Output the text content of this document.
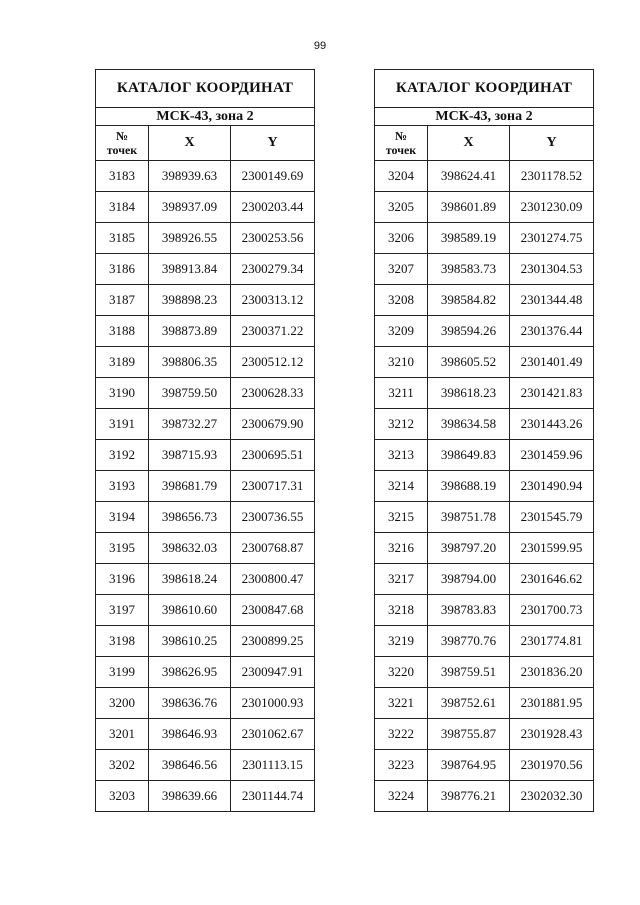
99
КАТАЛОГ КООРДИНАТ		
МСК-43, зона 2		

№
точек	X	Y
3183	398939.63	2300149.69
3184	398937.09	2300203.44
3185	398926.55	2300253.56
3186	398913.84	2300279.34
3187	398898.23	2300313.12
3188	398873.89	2300371.22
3189	398806.35	2300512.12
3190	398759.50	2300628.33
3191	398732.27	2300679.90
3192	398715.93	2300695.51
3193	398681.79	2300717.31
3194	398656.73	2300736.55
3195	398632.03	2300768.87
3196	398618.24	2300800.47
3197	398610.60	2300847.68
3198	398610.25	2300899.25
3199	398626.95	2300947.91
3200	398636.76	2301000.93
3201	398646.93	2301062.67
3202	398646.56	2301113.15
3203	398639.66	2301144.74
КАТАЛОГ КООРДИНАТ		
МСК-43, зона 2		

№
точек	X	Y
3204	398624.41	2301178.52
3205	398601.89	2301230.09
3206	398589.19	2301274.75
3207	398583.73	2301304.53
3208	398584.82	2301344.48
3209	398594.26	2301376.44
3210	398605.52	2301401.49
3211	398618.23	2301421.83
3212	398634.58	2301443.26
3213	398649.83	2301459.96
3214	398688.19	2301490.94
3215	398751.78	2301545.79
3216	398797.20	2301599.95
3217	398794.00	2301646.62
3218	398783.83	2301700.73
3219	398770.76	2301774.81
3220	398759.51	2301836.20
3221	398752.61	2301881.95
3222	398755.87	2301928.43
3223	398764.95	2301970.56
3224	398776.21	2302032.30
